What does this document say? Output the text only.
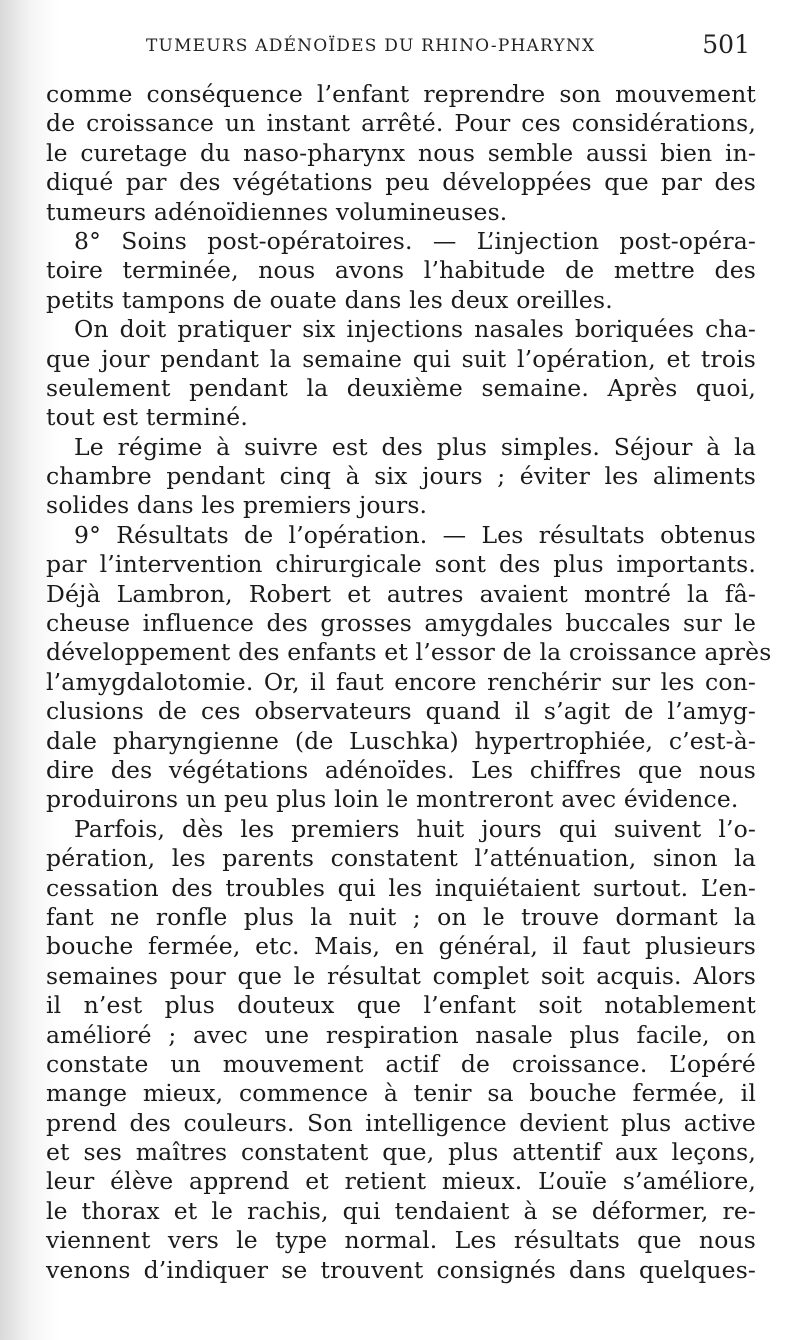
TUMEURS ADÉNOÏDES DU RHINO-PHARYNX	501
comme conséquence l’enfant reprendre son mouvement
de croissance un instant arrêté. Pour ces considérations,
le curetage du naso-pharynx nous semble aussi bien in-
diqué par des végétations peu développées que par des
tumeurs adénoïdiennes volumineuses.
8° Soins post-opératoires. — L’injection post-opéra-
toire terminée, nous avons l’habitude de mettre des
petits tampons de ouate dans les deux oreilles.
On doit pratiquer six injections nasales boriquées cha-
que jour pendant la semaine qui suit l’opération, et trois
seulement pendant la deuxième semaine. Après quoi,
tout est terminé.
Le régime à suivre est des plus simples. Séjour à la
chambre pendant cinq à six jours ; éviter les aliments
solides dans les premiers jours.
9° Résultats de l’opération. — Les résultats obtenus
par l’intervention chirurgicale sont des plus importants.
Déjà Lambron, Robert et autres avaient montré la fâ-
cheuse influence des grosses amygdales buccales sur le
développement des enfants et l’essor de la croissance après
l’amygdalotomie. Or, il faut encore renchérir sur les con-
clusions de ces observateurs quand il s’agit de l’amyg-
dale pharyngienne (de Luschka) hypertrophiée, c’est-à-
dire des végétations adénoïdes. Les chiffres que nous
produirons un peu plus loin le montreront avec évidence.
Parfois, dès les premiers huit jours qui suivent l’o-
pération, les parents constatent l’atténuation, sinon la
cessation des troubles qui les inquiétaient surtout. L’en-
fant ne ronfle plus la nuit ; on le trouve dormant la
bouche fermée, etc. Mais, en général, il faut plusieurs
semaines pour que le résultat complet soit acquis. Alors
il n’est plus douteux que l’enfant soit notablement
amélioré ; avec une respiration nasale plus facile, on
constate un mouvement actif de croissance. L’opéré
mange mieux, commence à tenir sa bouche fermée, il
prend des couleurs. Son intelligence devient plus active
et ses maîtres constatent que, plus attentif aux leçons,
leur élève apprend et retient mieux. L’ouïe s’améliore,
le thorax et le rachis, qui tendaient à se déformer, re-
viennent vers le type normal. Les résultats que nous
venons d’indiquer se trouvent consignés dans quelques-
